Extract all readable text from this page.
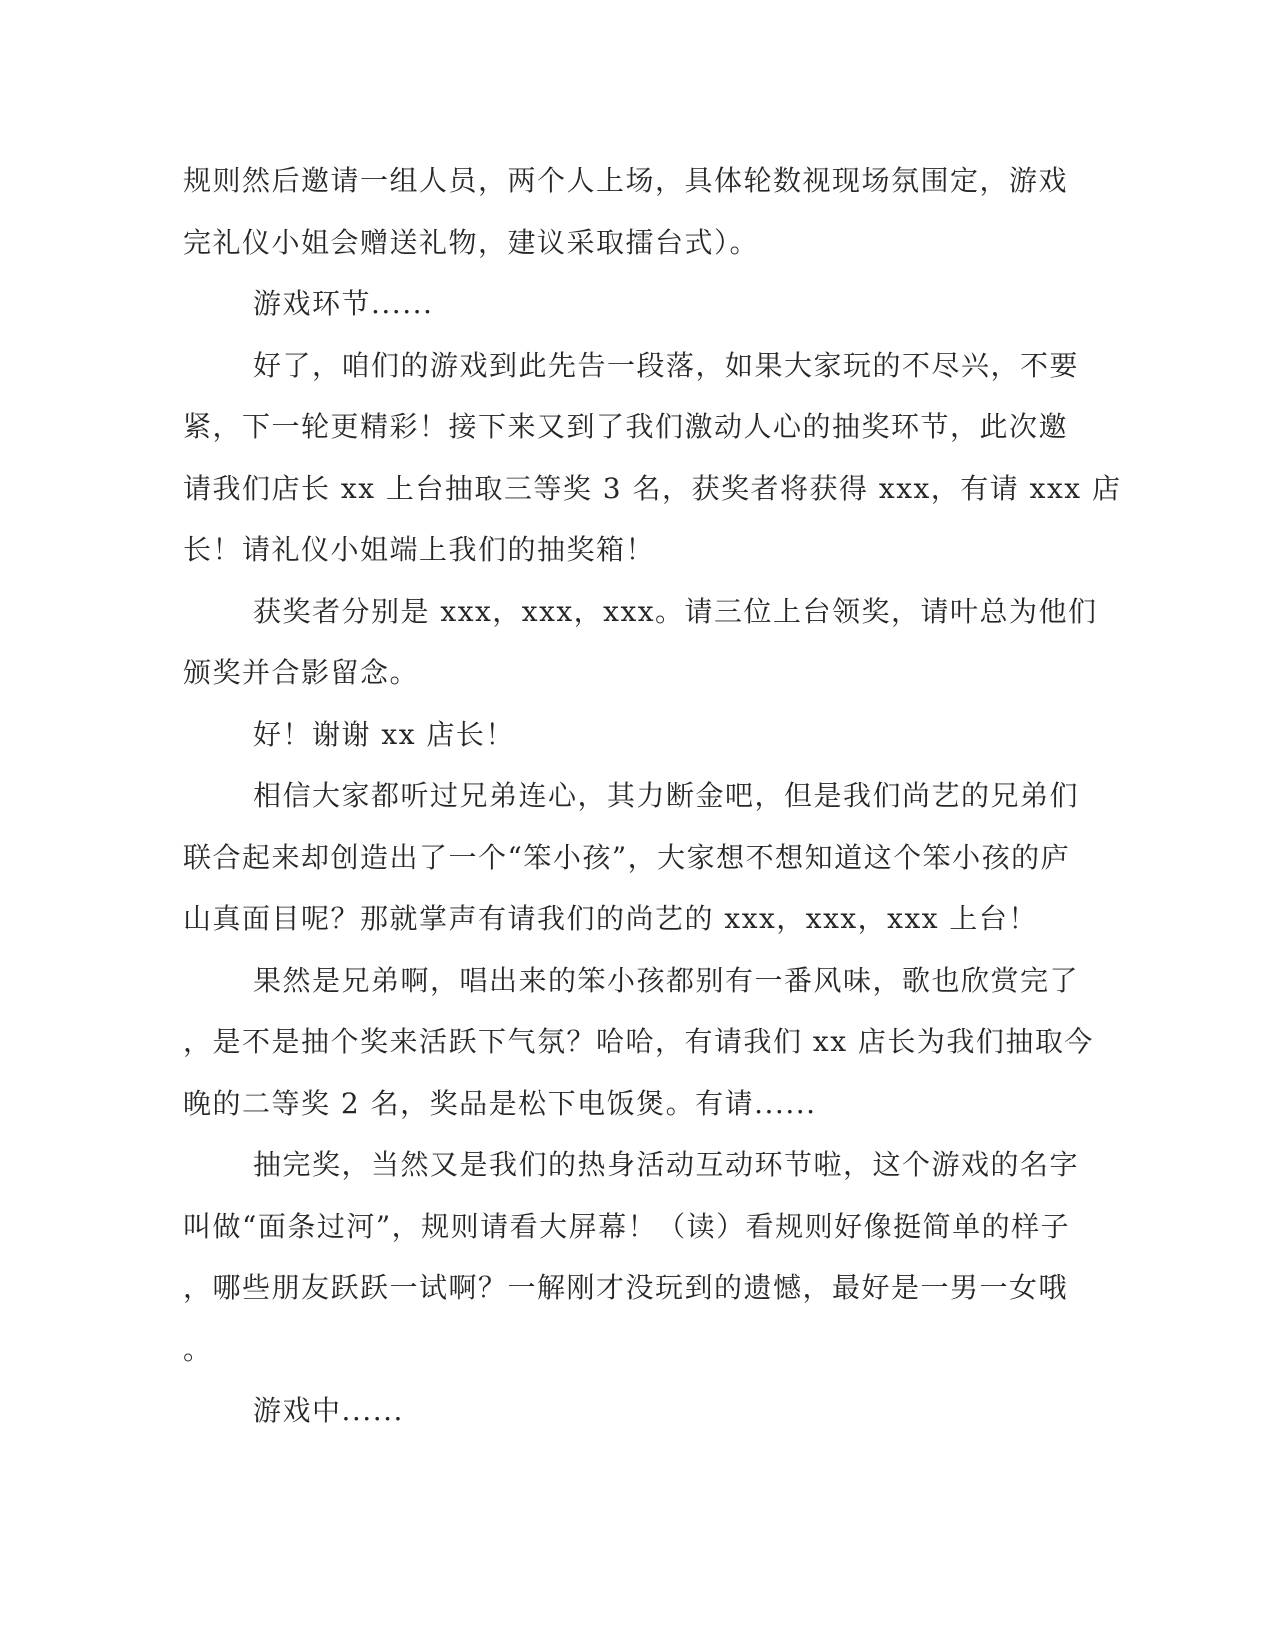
规则然后邀请一组人员，两个人上场，具体轮数视现场氛围定，游戏
完礼仪小姐会赠送礼物，建议采取擂台式）。
游戏环节......
好了，咱们的游戏到此先告一段落，如果大家玩的不尽兴，不要
紧，下一轮更精彩！接下来又到了我们激动人心的抽奖环节，此次邀
请我们店长 xx 上台抽取三等奖 3 名，获奖者将获得 xxx，有请 xxx 店
长！请礼仪小姐端上我们的抽奖箱！
获奖者分别是 xxx，xxx，xxx。请三位上台领奖，请叶总为他们
颁奖并合影留念。
好！谢谢 xx 店长！
相信大家都听过兄弟连心，其力断金吧，但是我们尚艺的兄弟们
联合起来却创造出了一个“笨小孩”，大家想不想知道这个笨小孩的庐
山真面目呢？那就掌声有请我们的尚艺的 xxx，xxx，xxx 上台！
果然是兄弟啊，唱出来的笨小孩都别有一番风味，歌也欣赏完了
，是不是抽个奖来活跃下气氛？哈哈，有请我们 xx 店长为我们抽取今
晚的二等奖 2 名，奖品是松下电饭煲。有请......
抽完奖，当然又是我们的热身活动互动环节啦，这个游戏的名字
叫做“面条过河”，规则请看大屏幕！（读）看规则好像挺简单的样子
，哪些朋友跃跃一试啊？一解刚才没玩到的遗憾，最好是一男一女哦
。
游戏中......
